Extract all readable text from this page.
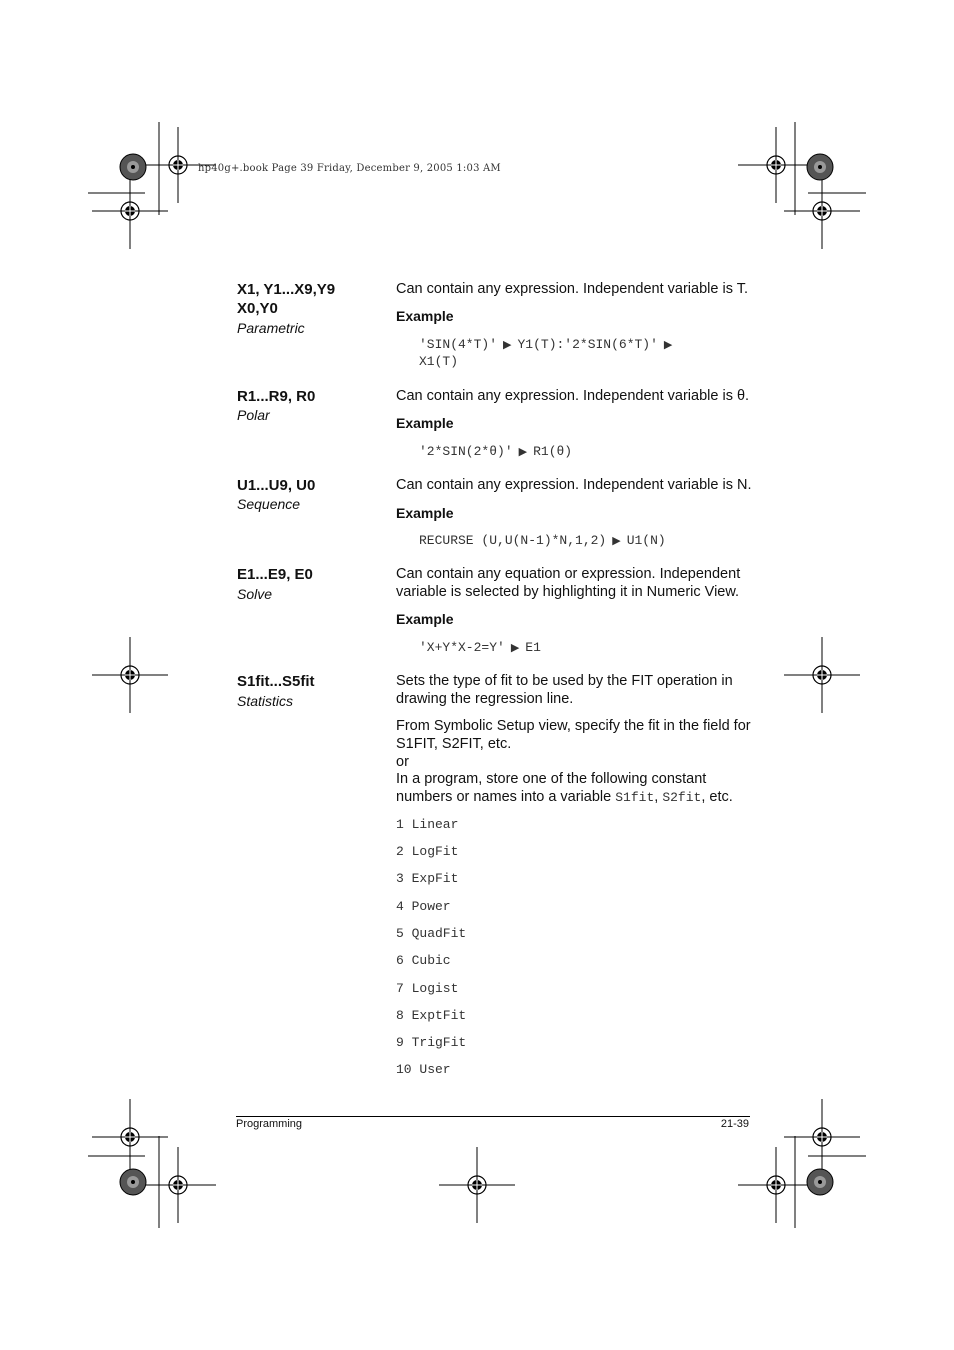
hp40g+.book Page 39 Friday, December 9, 2005 1:03 AM
X1, Y1...X9,Y9
X0,Y0
Parametric
Can contain any expression. Independent variable is T.
Example
'SIN(4*T)' ▶ Y1(T):'2*SIN(6*T)' ▶
X1(T)
R1...R9, R0
Polar
Can contain any expression. Independent variable is θ.
Example
'2*SIN(2*θ)' ▶ R1(θ)
U1...U9, U0
Sequence
Can contain any expression. Independent variable is N.
Example
RECURSE (U,U(N-1)*N,1,2) ▶ U1(N)
E1...E9, E0
Solve
Can contain any equation or expression. Independent variable is selected by highlighting it in Numeric View.
Example
'X+Y*X-2=Y' ▶ E1
S1fit...S5fit
Statistics
Sets the type of fit to be used by the FIT operation in drawing the regression line.
From Symbolic Setup view, specify the fit in the field for S1FIT, S2FIT, etc.
or
In a program, store one of the following constant numbers or names into a variable S1fit, S2fit, etc.
1 Linear
2 LogFit
3 ExpFit
4 Power
5 QuadFit
6 Cubic
7 Logist
8 ExptFit
9 TrigFit
10 User
Programming	21-39
